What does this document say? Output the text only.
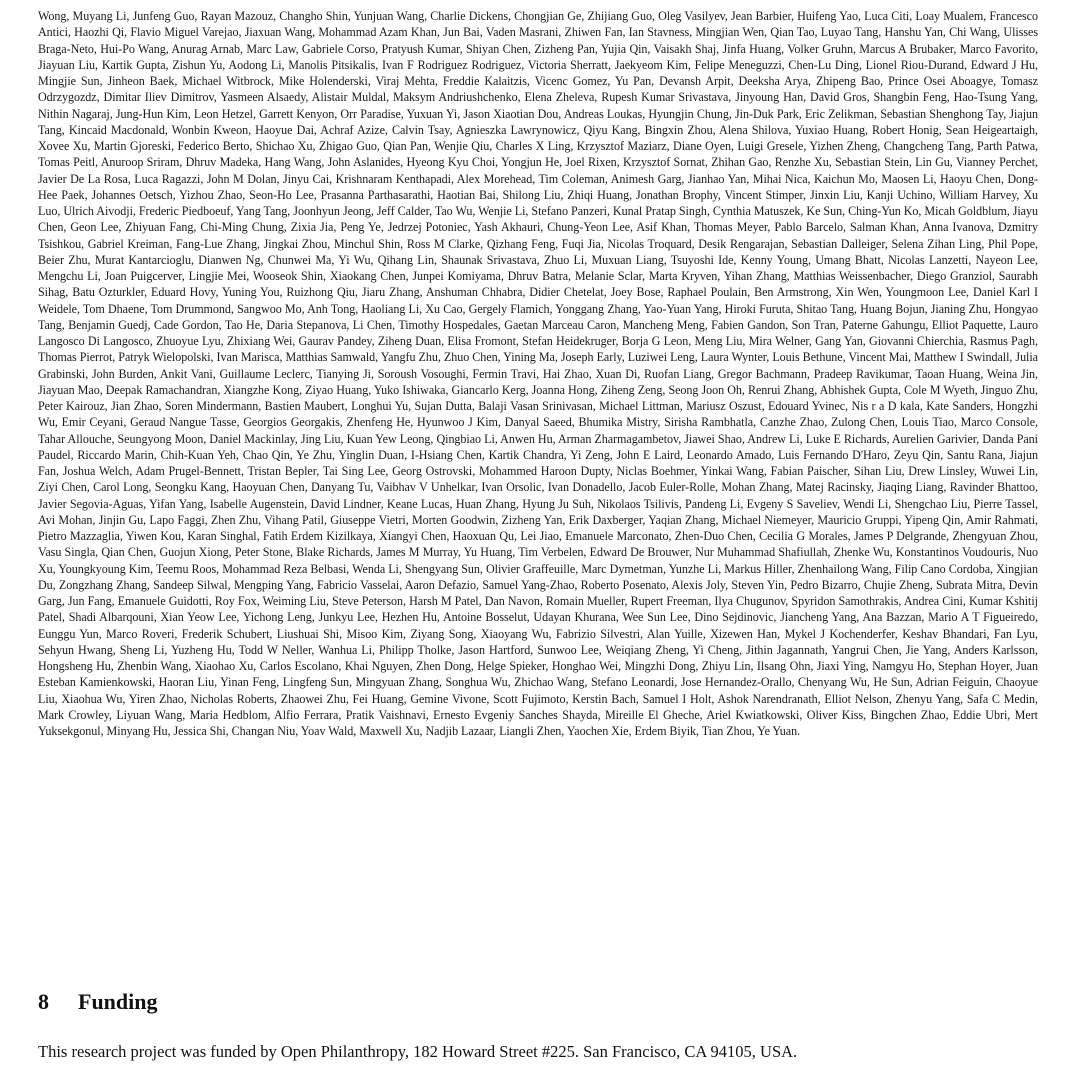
Wong, Muyang Li, Junfeng Guo, Rayan Mazouz, Changho Shin, Yunjuan Wang, Charlie Dickens, Chongjian Ge, Zhijiang Guo, Oleg Vasilyev, Jean Barbier, Huifeng Yao, Luca Citi, Loay Mualem, Francesco Antici, Haozhi Qi, Flavio Miguel Varejao, Jiaxuan Wang, Mohammad Azam Khan, Jun Bai, Vaden Masrani, Zhiwen Fan, Ian Stavness, Mingjian Wen, Qian Tao, Luyao Tang, Hanshu Yan, Chi Wang, Ulisses Braga-Neto, Hui-Po Wang, Anurag Arnab, Marc Law, Gabriele Corso, Pratyush Kumar, Shiyan Chen, Zizheng Pan, Yujia Qin, Vaisakh Shaj, Jinfa Huang, Volker Gruhn, Marcus A Brubaker, Marco Favorito, Jiayuan Liu, Kartik Gupta, Zishun Yu, Aodong Li, Manolis Pitsikalis, Ivan F Rodriguez Rodriguez, Victoria Sherratt, Jaekyeom Kim, Felipe Meneguzzi, Chen-Lu Ding, Lionel Riou-Durand, Edward J Hu, Mingjie Sun, Jinheon Baek, Michael Witbrock, Mike Holenderski, Viraj Mehta, Freddie Kalaitzis, Vicenc Gomez, Yu Pan, Devansh Arpit, Deeksha Arya, Zhipeng Bao, Prince Osei Aboagye, Tomasz Odrzygozdz, Dimitar Iliev Dimitrov, Yasmeen Alsaedy, Alistair Muldal, Maksym Andriushchenko, Elena Zheleva, Rupesh Kumar Srivastava, Jinyoung Han, David Gros, Shangbin Feng, Hao-Tsung Yang, Nithin Nagaraj, Jung-Hun Kim, Leon Hetzel, Garrett Kenyon, Orr Paradise, Yuxuan Yi, Jason Xiaotian Dou, Andreas Loukas, Hyungjin Chung, Jin-Duk Park, Eric Zelikman, Sebastian Shenghong Tay, Jiajun Tang, Kincaid Macdonald, Wonbin Kweon, Haoyue Dai, Achraf Azize, Calvin Tsay, Agnieszka Lawrynowicz, Qiyu Kang, Bingxin Zhou, Alena Shilova, Yuxiao Huang, Robert Honig, Sean Heigeartaigh, Xovee Xu, Martin Gjoreski, Federico Berto, Shichao Xu, Zhigao Guo, Qian Pan, Wenjie Qiu, Charles X Ling, Krzysztof Maziarz, Diane Oyen, Luigi Gresele, Yizhen Zheng, Changcheng Tang, Parth Patwa, Tomas Peitl, Anuroop Sriram, Dhruv Madeka, Hang Wang, John Aslanides, Hyeong Kyu Choi, Yongjun He, Joel Rixen, Krzysztof Sornat, Zhihan Gao, Renzhe Xu, Sebastian Stein, Lin Gu, Vianney Perchet, Javier De La Rosa, Luca Ragazzi, John M Dolan, Jinyu Cai, Krishnaram Kenthapadi, Alex Morehead, Tim Coleman, Animesh Garg, Jianhao Yan, Mihai Nica, Kaichun Mo, Maosen Li, Haoyu Chen, Dong-Hee Paek, Johannes Oetsch, Yizhou Zhao, Seon-Ho Lee, Prasanna Parthasarathi, Haotian Bai, Shilong Liu, Zhiqi Huang, Jonathan Brophy, Vincent Stimper, Jinxin Liu, Kanji Uchino, William Harvey, Xu Luo, Ulrich Aivodji, Frederic Piedboeuf, Yang Tang, Joonhyun Jeong, Jeff Calder, Tao Wu, Wenjie Li, Stefano Panzeri, Kunal Pratap Singh, Cynthia Matuszek, Ke Sun, Ching-Yun Ko, Micah Goldblum, Jiayu Chen, Geon Lee, Zhiyuan Fang, Chi-Ming Chung, Zixia Jia, Peng Ye, Jedrzej Potoniec, Yash Akhauri, Chung-Yeon Lee, Asif Khan, Thomas Meyer, Pablo Barcelo, Salman Khan, Anna Ivanova, Dzmitry Tsishkou, Gabriel Kreiman, Fang-Lue Zhang, Jingkai Zhou, Minchul Shin, Ross M Clarke, Qizhang Feng, Fuqi Jia, Nicolas Troquard, Desik Rengarajan, Sebastian Dalleiger, Selena Zihan Ling, Phil Pope, Beier Zhu, Murat Kantarcioglu, Dianwen Ng, Chunwei Ma, Yi Wu, Qihang Lin, Shaunak Srivastava, Zhuo Li, Muxuan Liang, Tsuyoshi Ide, Kenny Young, Umang Bhatt, Nicolas Lanzetti, Nayeon Lee, Mengchu Li, Joan Puigcerver, Lingjie Mei, Wooseok Shin, Xiaokang Chen, Junpei Komiyama, Dhruv Batra, Melanie Sclar, Marta Kryven, Yihan Zhang, Matthias Weissenbacher, Diego Granziol, Saurabh Sihag, Batu Ozturkler, Eduard Hovy, Yuning You, Ruizhong Qiu, Jiaru Zhang, Anshuman Chhabra, Didier Chetelat, Joey Bose, Raphael Poulain, Ben Armstrong, Xin Wen, Youngmoon Lee, Daniel Karl I Weidele, Tom Dhaene, Tom Drummond, Sangwoo Mo, Anh Tong, Haoliang Li, Xu Cao, Gergely Flamich, Yonggang Zhang, Yao-Yuan Yang, Hiroki Furuta, Shitao Tang, Huang Bojun, Jianing Zhu, Hongyao Tang, Benjamin Guedj, Cade Gordon, Tao He, Daria Stepanova, Li Chen, Timothy Hospedales, Gaetan Marceau Caron, Mancheng Meng, Fabien Gandon, Son Tran, Paterne Gahungu, Elliot Paquette, Lauro Langosco Di Langosco, Zhuoyue Lyu, Zhixiang Wei, Gaurav Pandey, Ziheng Duan, Elisa Fromont, Stefan Heidekruger, Borja G Leon, Meng Liu, Mira Welner, Gang Yan, Giovanni Chierchia, Rasmus Pagh, Thomas Pierrot, Patryk Wielopolski, Ivan Marisca, Matthias Samwald, Yangfu Zhu, Zhuo Chen, Yining Ma, Joseph Early, Luziwei Leng, Laura Wynter, Louis Bethune, Vincent Mai, Matthew I Swindall, Julia Grabinski, John Burden, Ankit Vani, Guillaume Leclerc, Tianying Ji, Soroush Vosoughi, Fermin Travi, Hai Zhao, Xuan Di, Ruofan Liang, Gregor Bachmann, Pradeep Ravikumar, Taoan Huang, Weina Jin, Jiayuan Mao, Deepak Ramachandran, Xiangzhe Kong, Ziyao Huang, Yuko Ishiwaka, Giancarlo Kerg, Joanna Hong, Ziheng Zeng, Seong Joon Oh, Renrui Zhang, Abhishek Gupta, Cole M Wyeth, Jinguo Zhu, Peter Kairouz, Jian Zhao, Soren Mindermann, Bastien Maubert, Longhui Yu, Sujan Dutta, Balaji Vasan Srinivasan, Michael Littman, Mariusz Oszust, Edouard Yvinec, Nis r a D kala, Kate Sanders, Hongzhi Wu, Emir Ceyani, Geraud Nangue Tasse, Georgios Georgakis, Zhenfeng He, Hyunwoo J Kim, Danyal Saeed, Bhumika Mistry, Sirisha Rambhatla, Canzhe Zhao, Zulong Chen, Louis Tiao, Marco Console, Tahar Allouche, Seungyong Moon, Daniel Mackinlay, Jing Liu, Kuan Yew Leong, Qingbiao Li, Anwen Hu, Arman Zharmagambetov, Jiawei Shao, Andrew Li, Luke E Richards, Aurelien Garivier, Danda Pani Paudel, Riccardo Marin, Chih-Kuan Yeh, Chao Qin, Ye Zhu, Yinglin Duan, I-Hsiang Chen, Kartik Chandra, Yi Zeng, John E Laird, Leonardo Amado, Luis Fernando D'Haro, Zeyu Qin, Santu Rana, Jiajun Fan, Joshua Welch, Adam Prugel-Bennett, Tristan Bepler, Tai Sing Lee, Georg Ostrovski, Mohammed Haroon Dupty, Niclas Boehmer, Yinkai Wang, Fabian Paischer, Sihan Liu, Drew Linsley, Wuwei Lin, Ziyi Chen, Carol Long, Seongku Kang, Haoyuan Chen, Danyang Tu, Vaibhav V Unhelkar, Ivan Orsolic, Ivan Donadello, Jacob Euler-Rolle, Mohan Zhang, Matej Racinsky, Jiaqing Liang, Ravinder Bhattoo, Javier Segovia-Aguas, Yifan Yang, Isabelle Augenstein, David Lindner, Keane Lucas, Huan Zhang, Hyung Ju Suh, Nikolaos Tsilivis, Pandeng Li, Evgeny S Saveliev, Wendi Li, Shengchao Liu, Pierre Tassel, Avi Mohan, Jinjin Gu, Lapo Faggi, Zhen Zhu, Vihang Patil, Giuseppe Vietri, Morten Goodwin, Zizheng Yan, Erik Daxberger, Yaqian Zhang, Michael Niemeyer, Mauricio Gruppi, Yipeng Qin, Amir Rahmati, Pietro Mazzaglia, Yiwen Kou, Karan Singhal, Fatih Erdem Kizilkaya, Xiangyi Chen, Haoxuan Qu, Lei Jiao, Emanuele Marconato, Zhen-Duo Chen, Cecilia G Morales, James P Delgrande, Zhengyuan Zhou, Vasu Singla, Qian Chen, Guojun Xiong, Peter Stone, Blake Richards, James M Murray, Yu Huang, Tim Verbelen, Edward De Brouwer, Nur Muhammad Shafiullah, Zhenke Wu, Konstantinos Voudouris, Nuo Xu, Youngkyoung Kim, Teemu Roos, Mohammad Reza Belbasi, Wenda Li, Shengyang Sun, Olivier Graffeuille, Marc Dymetman, Yunzhe Li, Markus Hiller, Zhenhailong Wang, Filip Cano Cordoba, Xingjian Du, Zongzhang Zhang, Sandeep Silwal, Mengping Yang, Fabricio Vasselai, Aaron Defazio, Samuel Yang-Zhao, Roberto Posenato, Alexis Joly, Steven Yin, Pedro Bizarro, Chujie Zheng, Subrata Mitra, Devin Garg, Jun Fang, Emanuele Guidotti, Roy Fox, Weiming Liu, Steve Peterson, Harsh M Patel, Dan Navon, Romain Mueller, Rupert Freeman, Ilya Chugunov, Spyridon Samothrakis, Andrea Cini, Kumar Kshitij Patel, Shadi Albarqouni, Xian Yeow Lee, Yichong Leng, Junkyu Lee, Hezhen Hu, Antoine Bosselut, Udayan Khurana, Wee Sun Lee, Dino Sejdinovic, Jiancheng Yang, Ana Bazzan, Mario A T Figueiredo, Eunggu Yun, Marco Roveri, Frederik Schubert, Liushuai Shi, Misoo Kim, Ziyang Song, Xiaoyang Wu, Fabrizio Silvestri, Alan Yuille, Xizewen Han, Mykel J Kochenderfer, Keshav Bhandari, Fan Lyu, Sehyun Hwang, Sheng Li, Yuzheng Hu, Todd W Neller, Wanhua Li, Philipp Tholke, Jason Hartford, Sunwoo Lee, Weiqiang Zheng, Yi Cheng, Jithin Jagannath, Yangrui Chen, Jie Yang, Anders Karlsson, Hongsheng Hu, Zhenbin Wang, Xiaohao Xu, Carlos Escolano, Khai Nguyen, Zhen Dong, Helge Spieker, Honghao Wei, Mingzhi Dong, Zhiyu Lin, Ilsang Ohn, Jiaxi Ying, Namgyu Ho, Stephan Hoyer, Juan Esteban Kamienkowski, Haoran Liu, Yinan Feng, Lingfeng Sun, Mingyuan Zhang, Songhua Wu, Zhichao Wang, Stefano Leonardi, Jose Hernandez-Orallo, Chenyang Wu, He Sun, Adrian Feiguin, Chaoyue Liu, Xiaohua Wu, Yiren Zhao, Nicholas Roberts, Zhaowei Zhu, Fei Huang, Gemine Vivone, Scott Fujimoto, Kerstin Bach, Samuel I Holt, Ashok Narendranath, Elliot Nelson, Zhenyu Yang, Safa C Medin, Mark Crowley, Liyuan Wang, Maria Hedblom, Alfio Ferrara, Pratik Vaishnavi, Ernesto Evgeniy Sanches Shayda, Mireille El Gheche, Ariel Kwiatkowski, Oliver Kiss, Bingchen Zhao, Eddie Ubri, Mert Yuksekgonul, Minyang Hu, Jessica Shi, Changan Niu, Yoav Wald, Maxwell Xu, Nadjib Lazaar, Liangli Zhen, Yaochen Xie, Erdem Biyik, Tian Zhou, Ye Yuan.

8	Funding

This research project was funded by Open Philanthropy, 182 Howard Street #225. San Francisco, CA 94105, USA.
